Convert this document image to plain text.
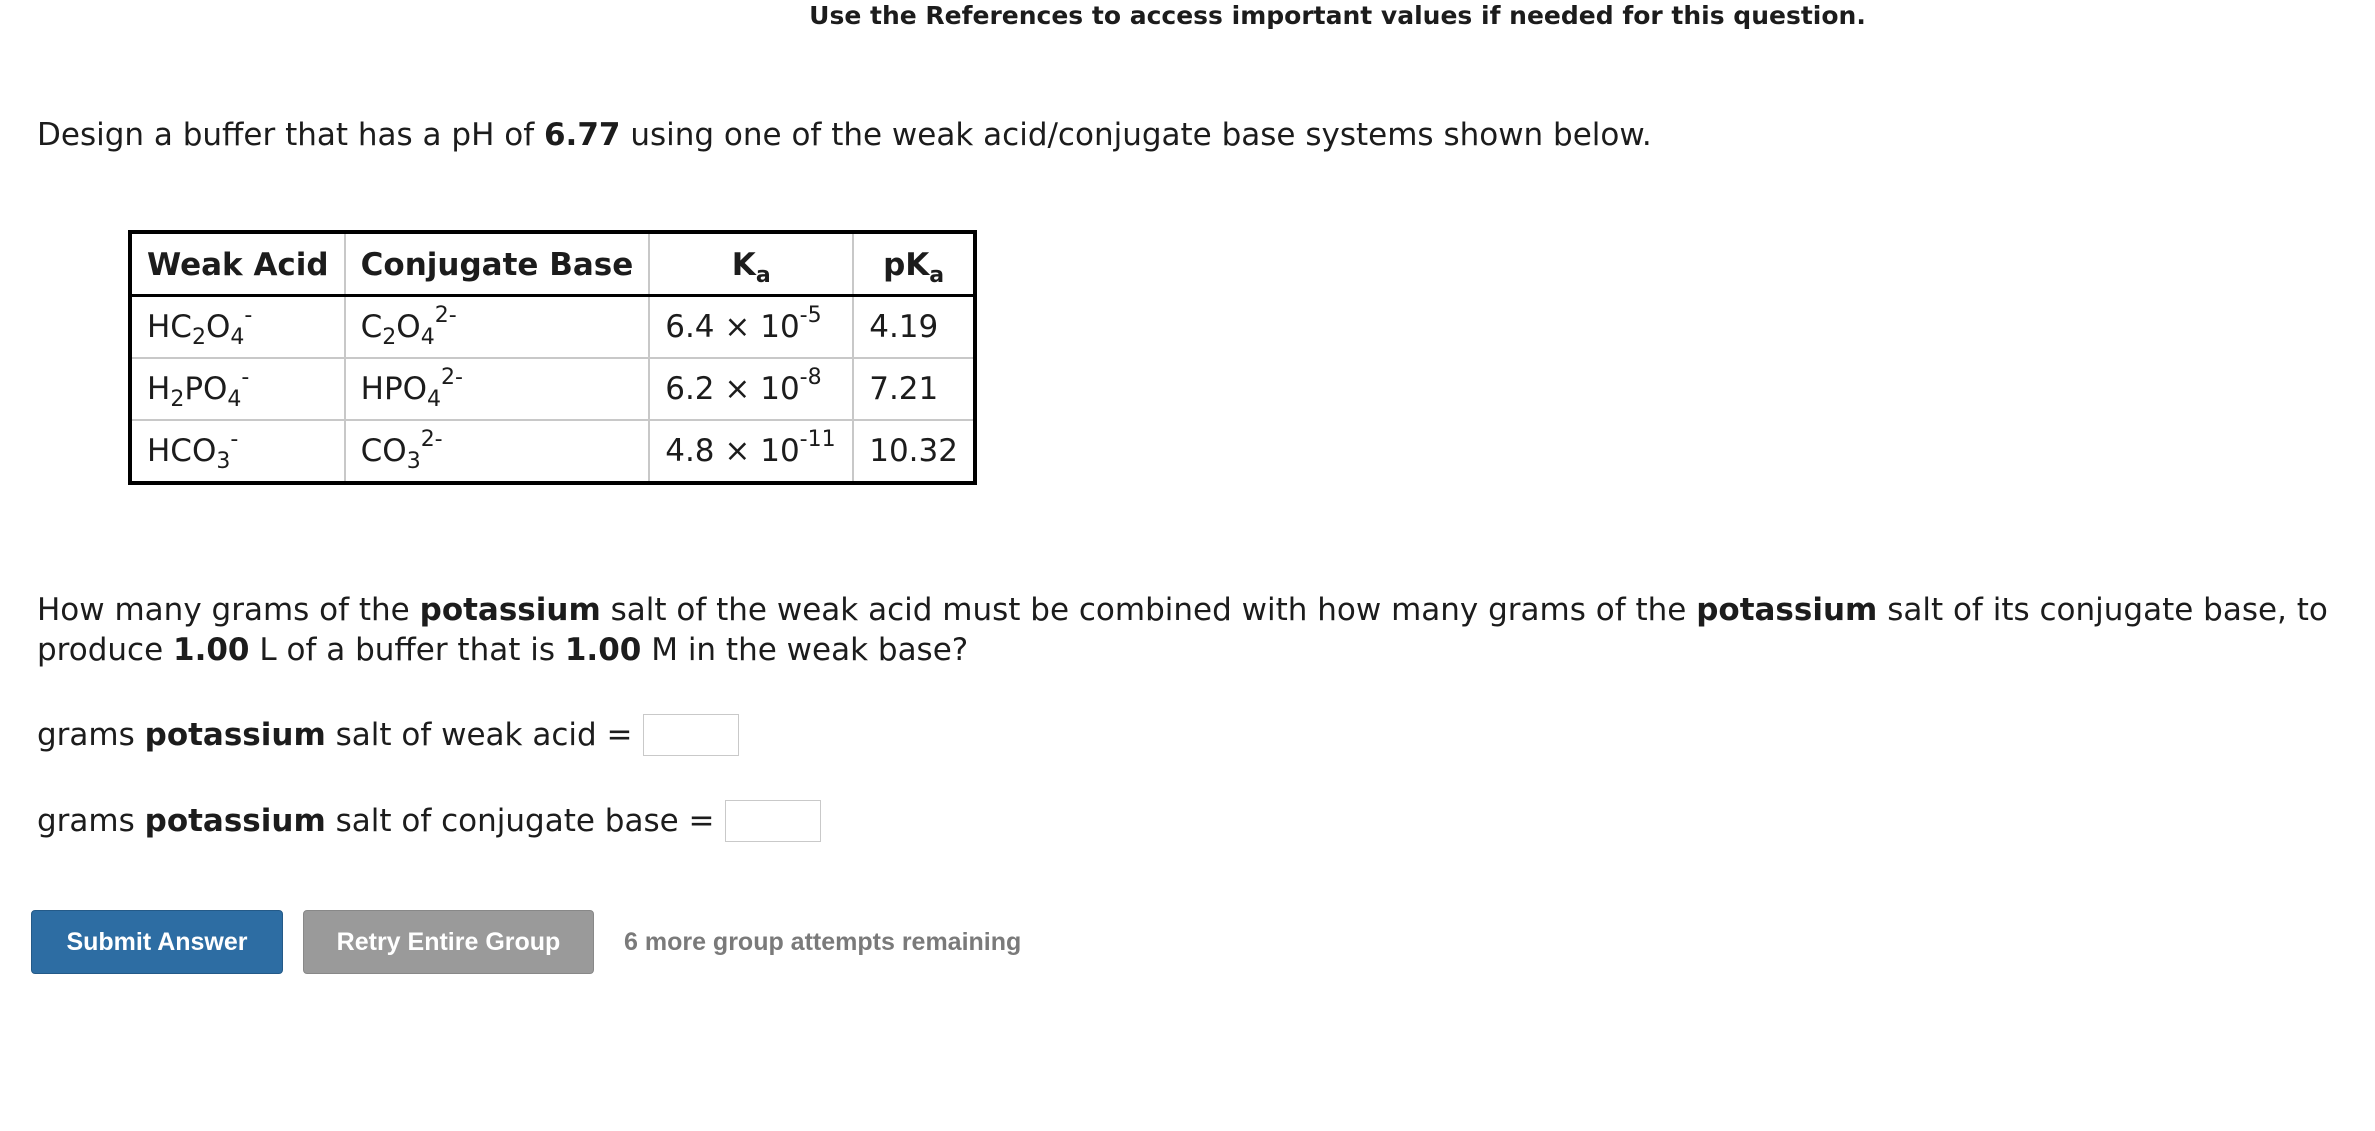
Use the References to access important values if needed for this question.
Design a buffer that has a pH of 6.77 using one of the weak acid/conjugate base systems shown below.
Weak Acid	Conjugate Base	$K_a$	$pK_a$
$HC_2O_4^-$	$C_2O_4^{2-}$	$6.4 \times 10^{-5}$	4.19
$H_2PO_4^-$	$HPO_4^{2-}$	$6.2 \times 10^{-8}$	7.21
$HCO_3^-$	$CO_3^{2-}$	$4.8 \times 10^{-11}$	10.32
How many grams of the potassium salt of the weak acid must be combined with how many grams of the potassium salt of its conjugate base, to produce 1.00 L of a buffer that is 1.00 M in the weak base?
grams potassium salt of weak acid =
grams potassium salt of conjugate base =
Submit Answer	Retry Entire Group	6 more group attempts remaining
